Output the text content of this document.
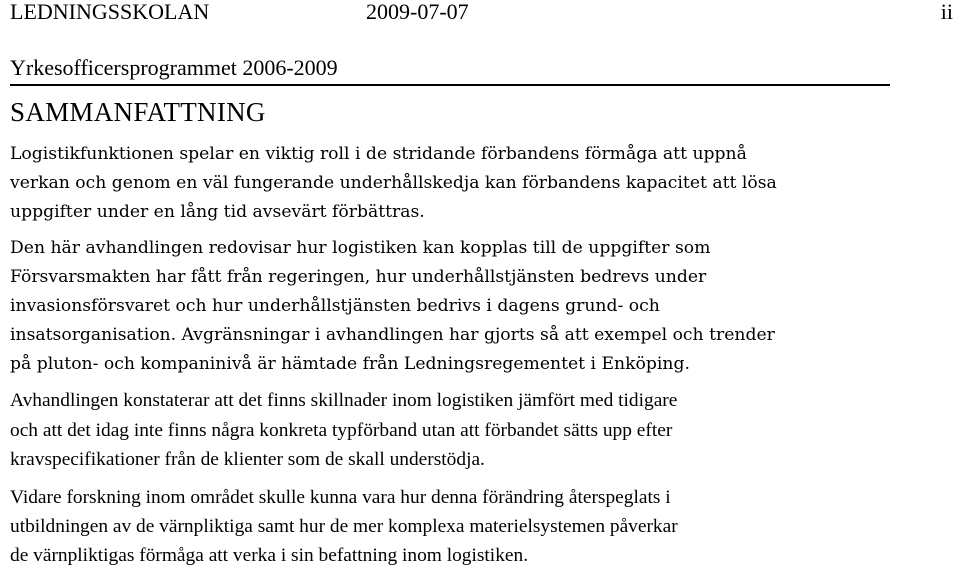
LEDNINGSSKOLAN	2009-07-07	ii
Yrkesofficersprogrammet 2006-2009
SAMMANFATTNING

Logistikfunktionen spelar en viktig roll i de stridande förbandens förmåga att uppnå
verkan och genom en väl fungerande underhållskedja kan förbandens kapacitet att lösa
uppgifter under en lång tid avsevärt förbättras.

Den här avhandlingen redovisar hur logistiken kan kopplas till de uppgifter som
Försvarsmakten har fått från regeringen, hur underhållstjänsten bedrevs under
invasionsförsvaret och hur underhållstjänsten bedrivs i dagens grund- och
insatsorganisation. Avgränsningar i avhandlingen har gjorts så att exempel och trender
på pluton- och kompaninivå är hämtade från Ledningsregementet i Enköping.

Avhandlingen konstaterar att det finns skillnader inom logistiken jämfört med tidigare
och att det idag inte finns några konkreta typförband utan att förbandet sätts upp efter
kravspecifikationer från de klienter som de skall understödja.

Vidare forskning inom området skulle kunna vara hur denna förändring återspeglats i
utbildningen av de värnpliktiga samt hur de mer komplexa materielsystemen påverkar
de värnpliktigas förmåga att verka i sin befattning inom logistiken.
